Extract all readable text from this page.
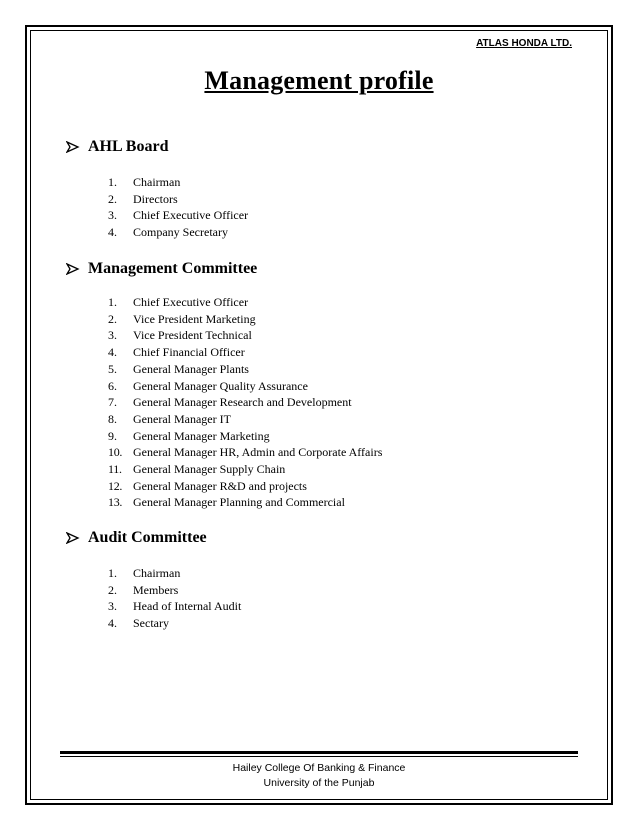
ATLAS HONDA LTD.
Management profile
AHL Board
1.	Chairman
2.	Directors
3.	Chief Executive Officer
4.	Company Secretary
Management Committee
1.	Chief Executive Officer
2.	Vice President Marketing
3.	Vice President Technical
4.	Chief Financial Officer
5.	General Manager Plants
6.	General Manager Quality Assurance
7.	General Manager Research and Development
8.	General Manager IT
9.	General Manager Marketing
10. General Manager HR, Admin and Corporate Affairs
11. General Manager Supply Chain
12. General Manager R&D and projects
13. General Manager Planning and Commercial
Audit Committee
1.	Chairman
2.	Members
3.	Head of Internal Audit
4.	Sectary
Hailey College Of Banking & Finance
University of the Punjab
